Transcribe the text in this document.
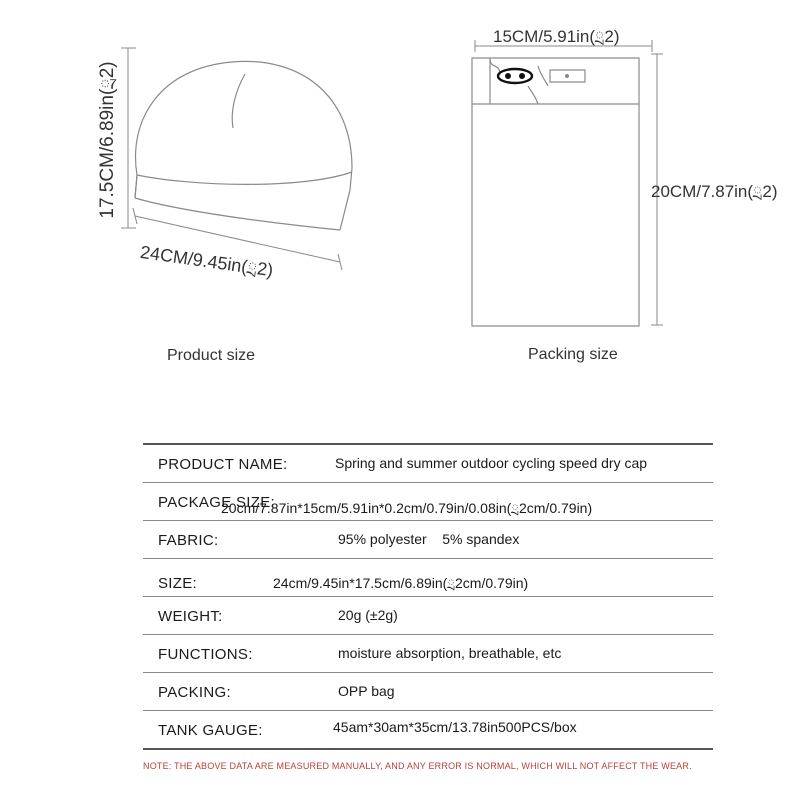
17.5CM/6.89in(ྲ2)
24CM/9.45in(ྲ2)
Product size
15CM/5.91in(ྲ2)
20CM/7.87in(ྲ2)
Packing size
PRODUCT NAME:	Spring and summer outdoor cycling speed dry cap
PACKAGE SIZE:
20cm/7.87in*15cm/5.91in*0.2cm/0.79in/0.08in(ྲ2cm/0.79in)
FABRIC:	95% polyester    5% spandex
SIZE:	24cm/9.45in*17.5cm/6.89in(ྲ2cm/0.79in)
WEIGHT:	20g (±2g)
FUNCTIONS:	moisture absorption, breathable, etc
PACKING:	OPP bag
TANK GAUGE:	45am*30am*35cm/13.78in500PCS/box
NOTE: THE ABOVE DATA ARE MEASURED MANUALLY, AND ANY ERROR IS NORMAL, WHICH WILL NOT AFFECT THE WEAR.
